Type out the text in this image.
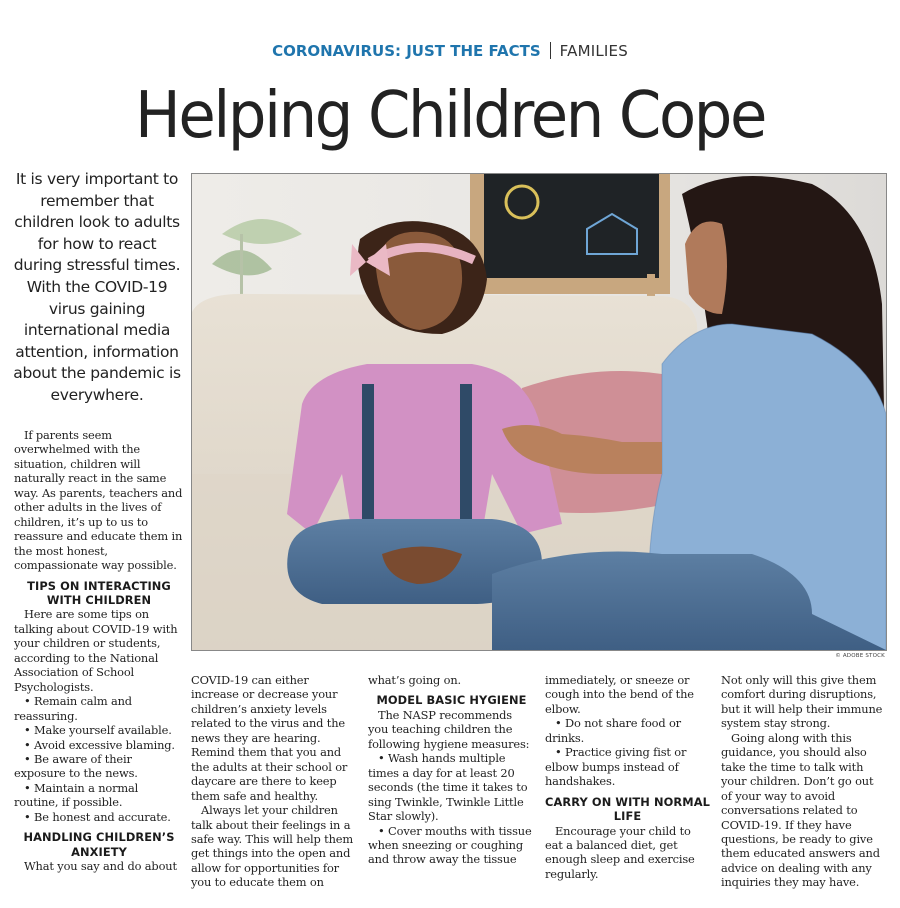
CORONAVIRUS: JUST THE FACTS FAMILIES
Helping Children Cope
It is very important to remember that children look to adults for how to react during stressful times. With the COVID-19 virus gaining international media attention, information about the pandemic is everywhere.
© ADOBE STOCK

If parents seem overwhelmed with the situation, children will naturally react in the same way. As parents, teachers and other adults in the lives of children, it’s up to us to reassure and educate them in the most honest, compassionate way possible.

TIPS ON INTERACTING WITH CHILDREN

Here are some tips on talking about COVID-19 with your children or students, according to the National Association of School Psychologists.

• Remain calm and reassuring.

• Make yourself available.

• Avoid excessive blaming.

• Be aware of their exposure to the news.

• Maintain a normal routine, if possible.

• Be honest and accurate.

HANDLING CHILDREN’S ANXIETY

What you say and do about

COVID-19 can either increase or decrease your children’s anxiety levels related to the virus and the news they are hearing. Remind them that you and the adults at their school or daycare are there to keep them safe and healthy.

Always let your children talk about their feelings in a safe way. This will help them get things into the open and allow for opportunities for you to educate them on

what’s going on.

MODEL BASIC HYGIENE

The NASP recommends you teaching children the following hygiene measures:

• Wash hands multiple times a day for at least 20 seconds (the time it takes to sing Twinkle, Twinkle Little Star slowly).

• Cover mouths with tissue when sneezing or coughing and throw away the tissue

immediately, or sneeze or cough into the bend of the elbow.

• Do not share food or drinks.

• Practice giving fist or elbow bumps instead of handshakes.

CARRY ON WITH NORMAL LIFE

Encourage your child to eat a balanced diet, get enough sleep and exercise regularly.

Not only will this give them comfort during disruptions, but it will help their immune system stay strong.

Going along with this guidance, you should also take the time to talk with your children. Don’t go out of your way to avoid conversations related to COVID-19. If they have questions, be ready to give them educated answers and advice on dealing with any inquiries they may have.
